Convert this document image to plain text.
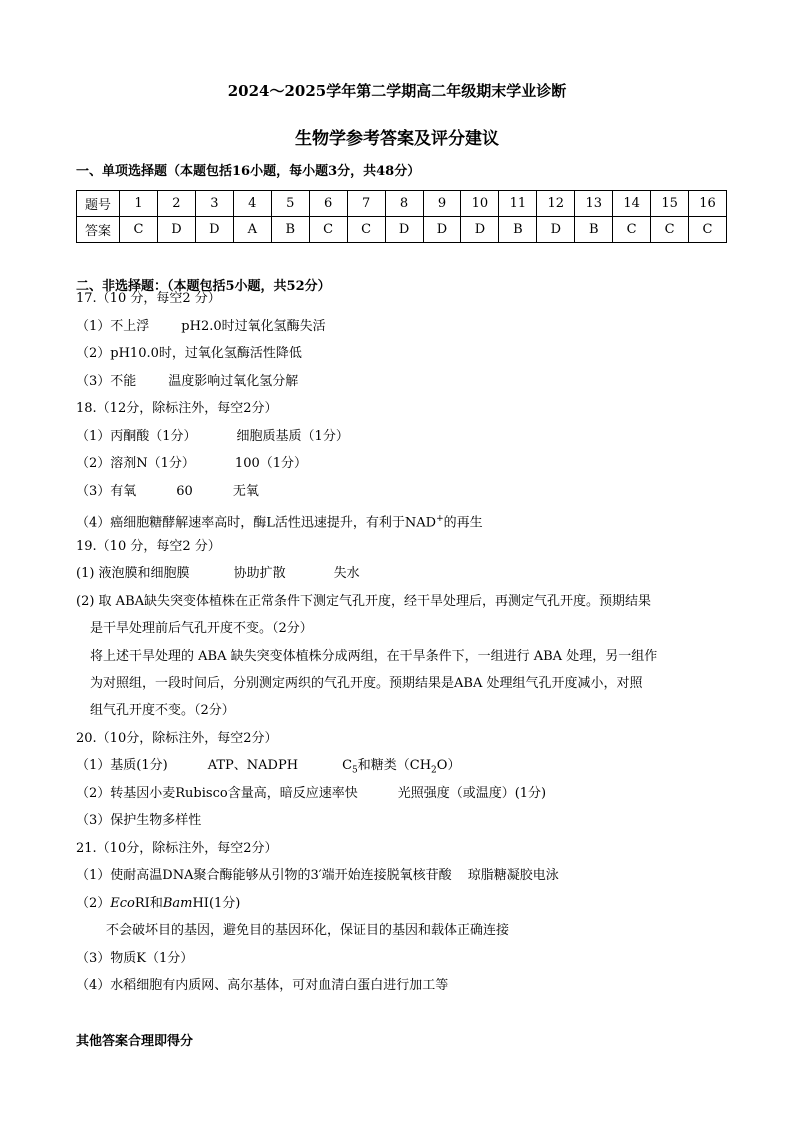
2024～2025学年第二学期高二年级期末学业诊断
生物学参考答案及评分建议
一、单项选择题（本题包括16小题，每小题3分，共48分）
题号	1	2	3	4	5	6	7	8	9	10	11	12	13	14	15	16
答案	C	D	D	A	B	C	C	D	D	D	B	D	B	C	C	C
二、非选择题：（本题包括5小题，共52分）
17.（10 分，每空2 分）
（1）不上浮 pH2.0时过氧化氢酶失活
（2）pH10.0时，过氧化氢酶活性降低
（3）不能 温度影响过氧化氢分解
18.（12分，除标注外，每空2分）
（1）丙酮酸（1分）	细胞质基质（1分）
（2）溶剂N（1分）	100（1分）
（3）有氧	60	无氧
（4）癌细胞糖酵解速率高时，酶L活性迅速提升，有利于NAD+的再生
19.（10 分，每空2 分）
(1) 液泡膜和细胞膜	协助扩散	失水
(2) 取 ABA缺失突变体植株在正常条件下测定气孔开度，经干旱处理后，再测定气孔开度。预期结果
是干旱处理前后气孔开度不变。（2分）
将上述干旱处理的 ABA 缺失突变体植株分成两组，在干旱条件下，一组进行 ABA 处理，另一组作
为对照组，一段时间后，分别测定两织的气孔开度。预期结果是ABA 处理组气孔开度减小，对照
组气孔开度不变。（2分）
20.（10分，除标注外，每空2分）
（1）基质(1分)	ATP、NADPH	$C_5$和糖类$(CH_2O)$
（2）转基因小麦Rubisco含量高，暗反应速率快	光照强度（或温度）(1分)
（3）保护生物多样性
21.（10分，除标注外，每空2分）
（1）使耐高温DNA聚合酶能够从引物的3′端开始连接脱氧核苷酸 琼脂糖凝胶电泳
（2）EcoRI和BamHI(1分)
不会破坏目的基因，避免目的基因环化，保证目的基因和载体正确连接
（3）物质K（1分）
（4）水稻细胞有内质网、高尔基体，可对血清白蛋白进行加工等
其他答案合理即得分
